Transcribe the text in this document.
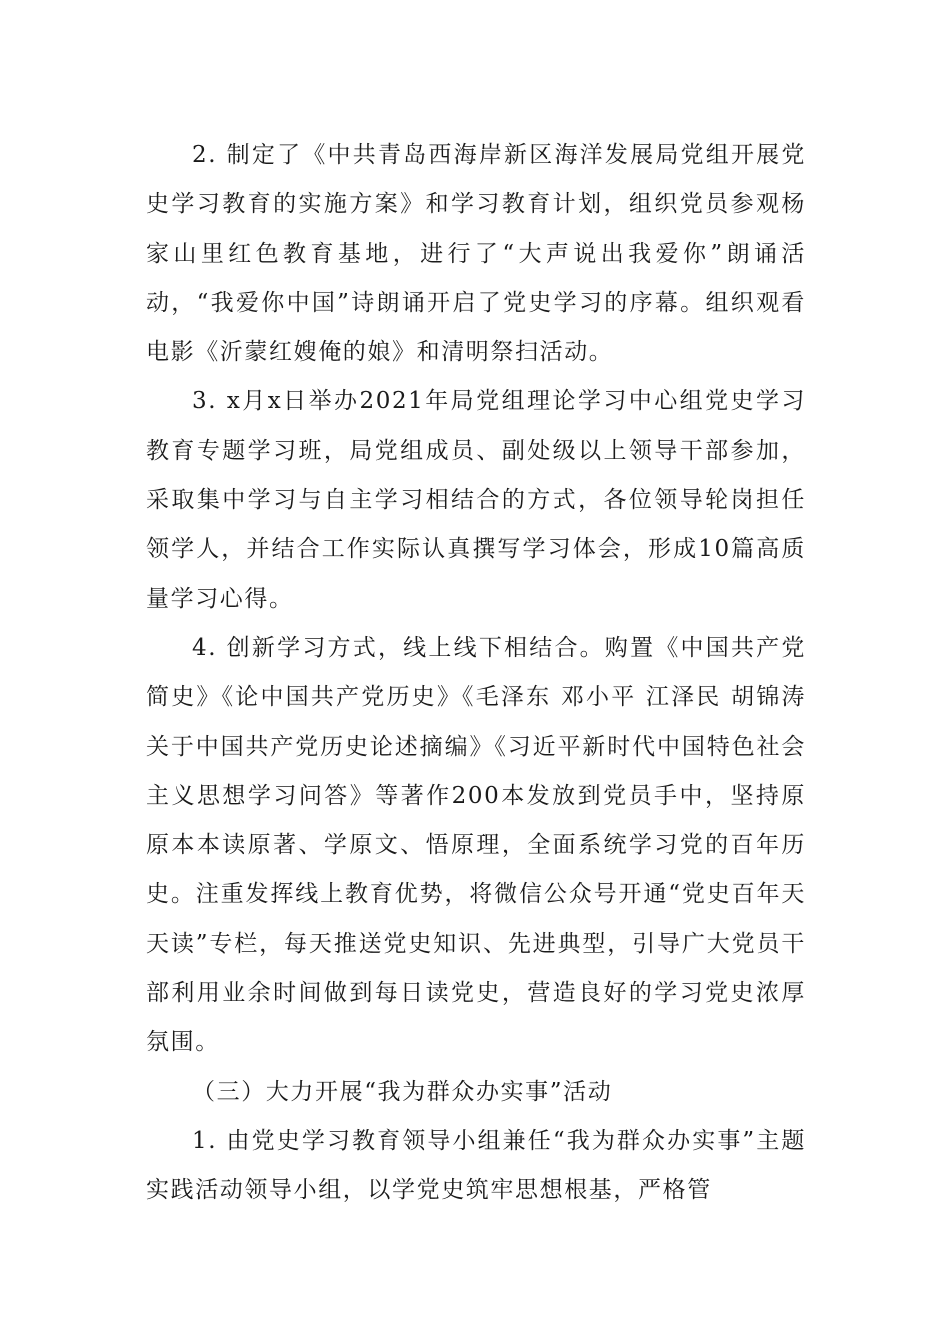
2. 制定了《中共青岛西海岸新区海洋发展局党组开展党史学习教育的实施方案》和学习教育计划，组织党员参观杨家山里红色教育基地，进行了“大声说出我爱你”朗诵活动，“我爱你中国”诗朗诵开启了党史学习的序幕。组织观看电影《沂蒙红嫂俺的娘》和清明祭扫活动。

3. x月x日举办2021年局党组理论学习中心组党史学习教育专题学习班，局党组成员、副处级以上领导干部参加，采取集中学习与自主学习相结合的方式，各位领导轮岗担任领学人，并结合工作实际认真撰写学习体会，形成10篇高质量学习心得。

4. 创新学习方式，线上线下相结合。购置《中国共产党简史》《论中国共产党历史》《毛泽东 邓小平 江泽民 胡锦涛关于中国共产党历史论述摘编》《习近平新时代中国特色社会主义思想学习问答》等著作200本发放到党员手中，坚持原原本本读原著、学原文、悟原理，全面系统学习党的百年历史。注重发挥线上教育优势，将微信公众号开通“党史百年天天读”专栏，每天推送党史知识、先进典型，引导广大党员干部利用业余时间做到每日读党史，营造良好的学习党史浓厚氛围。

（三）大力开展“我为群众办实事”活动

1. 由党史学习教育领导小组兼任“我为群众办实事”主题实践活动领导小组，以学党史筑牢思想根基，严格管
